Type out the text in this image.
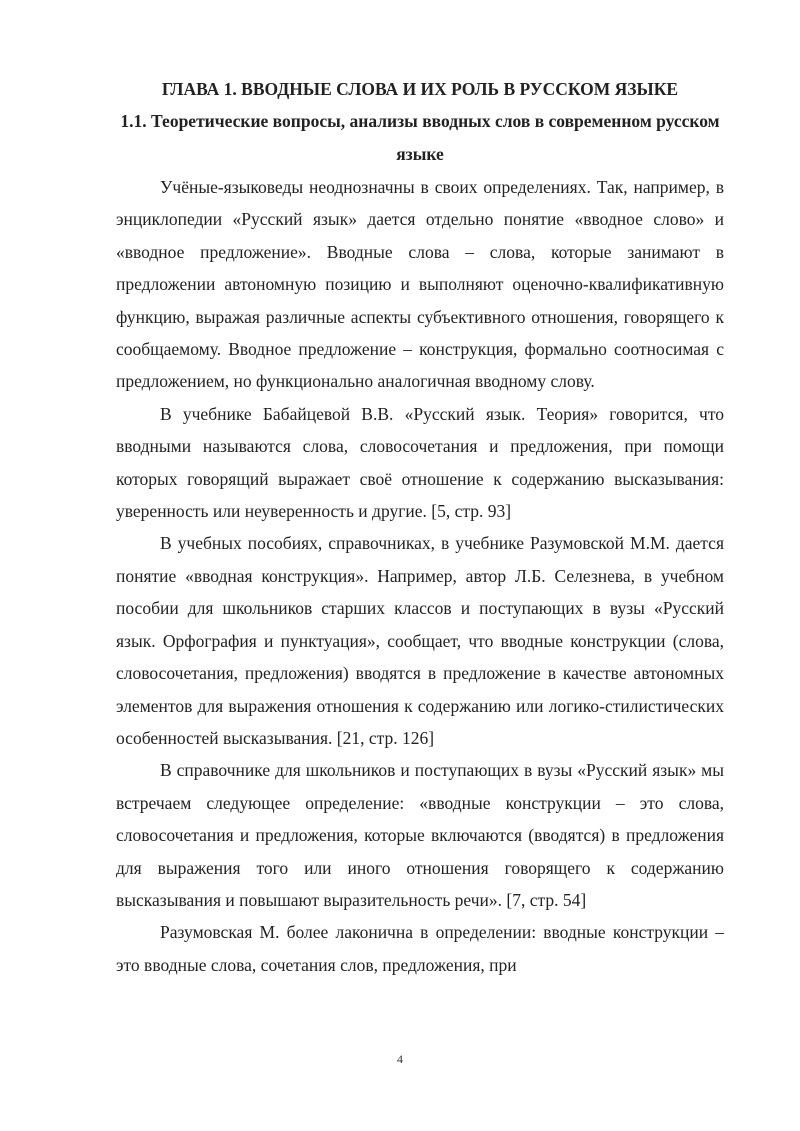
ГЛАВА 1. ВВОДНЫЕ СЛОВА И ИХ РОЛЬ В РУССКОМ ЯЗЫКЕ
1.1. Теоретические вопросы, анализы вводных слов в современном русском языке

Учёные-языковеды неоднозначны в своих определениях. Так, например, в энциклопедии «Русский язык» дается отдельно понятие «вводное слово» и «вводное предложение». Вводные слова – слова, которые занимают в предложении автономную позицию и выполняют оценочно-квалификативную функцию, выражая различные аспекты субъективного отношения, говорящего к сообщаемому. Вводное предложение – конструкция, формально соотносимая с предложением, но функционально аналогичная вводному слову.

В учебнике Бабайцевой В.В. «Русский язык. Теория» говорится, что вводными называются слова, словосочетания и предложения, при помощи которых говорящий выражает своё отношение к содержанию высказывания: уверенность или неуверенность и другие. [5, стр. 93]

В учебных пособиях, справочниках, в учебнике Разумовской М.М. дается понятие «вводная конструкция». Например, автор Л.Б. Селезнева, в учебном пособии для школьников старших классов и поступающих в вузы «Русский язык. Орфография и пунктуация», сообщает, что вводные конструкции (слова, словосочетания, предложения) вводятся в предложение в качестве автономных элементов для выражения отношения к содержанию или логико-стилистических особенностей высказывания. [21, стр. 126]

В справочнике для школьников и поступающих в вузы «Русский язык» мы встречаем следующее определение: «вводные конструкции – это слова, словосочетания и предложения, которые включаются (вводятся) в предложения для выражения того или иного отношения говорящего к содержанию высказывания и повышают выразительность речи». [7, стр. 54]

Разумовская М. более лаконична в определении: вводные конструкции – это вводные слова, сочетания слов, предложения, при

4
